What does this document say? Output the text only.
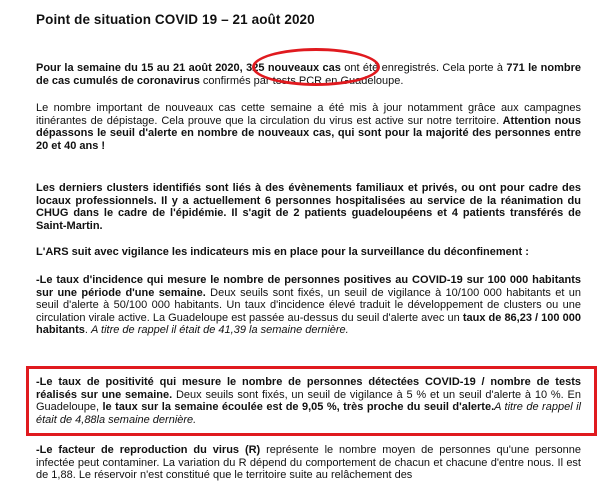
Point de situation COVID 19 – 21 août 2020
Pour la semaine du 15 au 21 août 2020, 325 nouveaux cas ont été enregistrés. Cela porte à 771 le nombre de cas cumulés de coronavirus confirmés par tests PCR en Guadeloupe.
Le nombre important de nouveaux cas cette semaine a été mis à jour notamment grâce aux campagnes itinérantes de dépistage. Cela prouve que la circulation du virus est active sur notre territoire. Attention nous dépassons le seuil d'alerte en nombre de nouveaux cas, qui sont pour la majorité des personnes entre 20 et 40 ans !
Les derniers clusters identifiés sont liés à des évènements familiaux et privés, ou ont pour cadre des locaux professionnels. Il y a actuellement 6 personnes hospitalisées au service de la réanimation du CHUG dans le cadre de l'épidémie. Il s'agit de 2 patients guadeloupéens et 4 patients transférés de Saint-Martin.
L'ARS suit avec vigilance les indicateurs mis en place pour la surveillance du déconfinement :
-Le taux d'incidence qui mesure le nombre de personnes positives au COVID-19 sur 100 000 habitants sur une période d'une semaine. Deux seuils sont fixés, un seuil de vigilance à 10/100 000 habitants et un seuil d'alerte à 50/100 000 habitants. Un taux d'incidence élevé traduit le développement de clusters ou une circulation virale active. La Guadeloupe est passée au-dessus du seuil d'alerte avec un taux de 86,23 / 100 000 habitants. A titre de rappel il était de 41,39 la semaine dernière.
-Le taux de positivité qui mesure le nombre de personnes détectées COVID-19 / nombre de tests réalisés sur une semaine. Deux seuils sont fixés, un seuil de vigilance à 5 % et un seuil d'alerte à 10 %. En Guadeloupe, le taux sur la semaine écoulée est de 9,05 %, très proche du seuil d'alerte.A titre de rappel il était de 4,88la semaine dernière.
-Le facteur de reproduction du virus (R) représente le nombre moyen de personnes qu'une personne infectée peut contaminer. La variation du R dépend du comportement de chacun et chacune d'entre nous. Il est de 1,88. Le réservoir n'est constitué que le territoire suite au relâchement des
